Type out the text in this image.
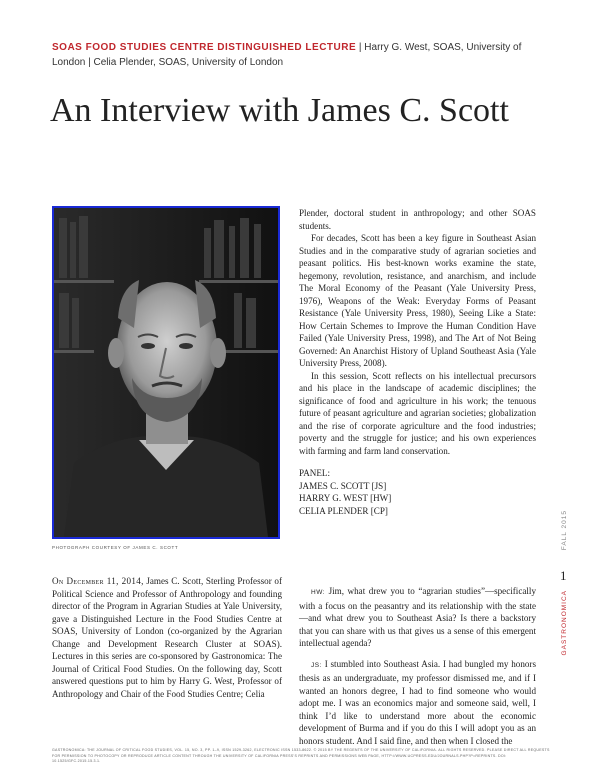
SOAS FOOD STUDIES CENTRE DISTINGUISHED LECTURE | Harry G. West, SOAS, University of London | Celia Plender, SOAS, University of London
An Interview with James C. Scott
PHOTOGRAPH COURTESY OF JAMES C. SCOTT

Plender, doctoral student in anthropology; and other SOAS students.

For decades, Scott has been a key figure in Southeast Asian Studies and in the comparative study of agrarian societies and peasant politics. His best-known works examine the state, hegemony, revolution, resistance, and anarchism, and include The Moral Economy of the Peasant (Yale University Press, 1976), Weapons of the Weak: Everyday Forms of Peasant Resistance (Yale University Press, 1980), Seeing Like a State: How Certain Schemes to Improve the Human Condition Have Failed (Yale University Press, 1998), and The Art of Not Being Governed: An Anarchist History of Upland Southeast Asia (Yale University Press, 2008).

In this session, Scott reflects on his intellectual precursors and his place in the landscape of academic disciplines; the significance of food and agriculture in his work; the tenuous future of peasant agriculture and agrarian societies; globalization and the rise of corporate agriculture and the food industries; poverty and the struggle for justice; and his own experiences with farming and farm land conservation.

PANEL:
JAMES C. SCOTT [JS]
HARRY G. WEST [HW]
CELIA PLENDER [CP]

On December 11, 2014, James C. Scott, Sterling Professor of Political Science and Professor of Anthropology and founding director of the Program in Agrarian Studies at Yale University, gave a Distinguished Lecture in the Food Studies Centre at SOAS, University of London (co-organized by the Agrarian Change and Development Research Cluster at SOAS). Lectures in this series are co-sponsored by Gastronomica: The Journal of Critical Food Studies. On the following day, Scott answered questions put to him by Harry G. West, Professor of Anthropology and Chair of the Food Studies Centre; Celia

HW: Jim, what drew you to “agrarian studies”—specifically with a focus on the peasantry and its relationship with the state—and what drew you to Southeast Asia? Is there a backstory that you can share with us that gives us a sense of this emergent intellectual agenda?

JS: I stumbled into Southeast Asia. I had bungled my honors thesis as an undergraduate, my professor dismissed me, and if I wanted an honors degree, I had to find someone who would adopt me. I was an economics major and someone said, well, I think I’d like to understand more about the economic development of Burma and if you do this I will adopt you as an honors student. And I said fine, and then when I closed the

FALL 2015
1
GASTRONOMICA
GASTRONOMICA: THE JOURNAL OF CRITICAL FOOD STUDIES, VOL. 15, NO. 3, PP. 1–9, ISSN 1529-3262, ELECTRONIC ISSN 1533-8622. © 2015 BY THE REGENTS OF THE UNIVERSITY OF CALIFORNIA. ALL RIGHTS RESERVED. PLEASE DIRECT ALL REQUESTS FOR PERMISSION TO PHOTOCOPY OR REPRODUCE ARTICLE CONTENT THROUGH THE UNIVERSITY OF CALIFORNIA PRESS’S REPRINTS AND PERMISSIONS WEB PAGE, HTTP://WWW.UCPRESS.EDU/JOURNALS.PHP?P=REPRINTS. DOI: 10.1525/GFC.2015.15.3.1.
